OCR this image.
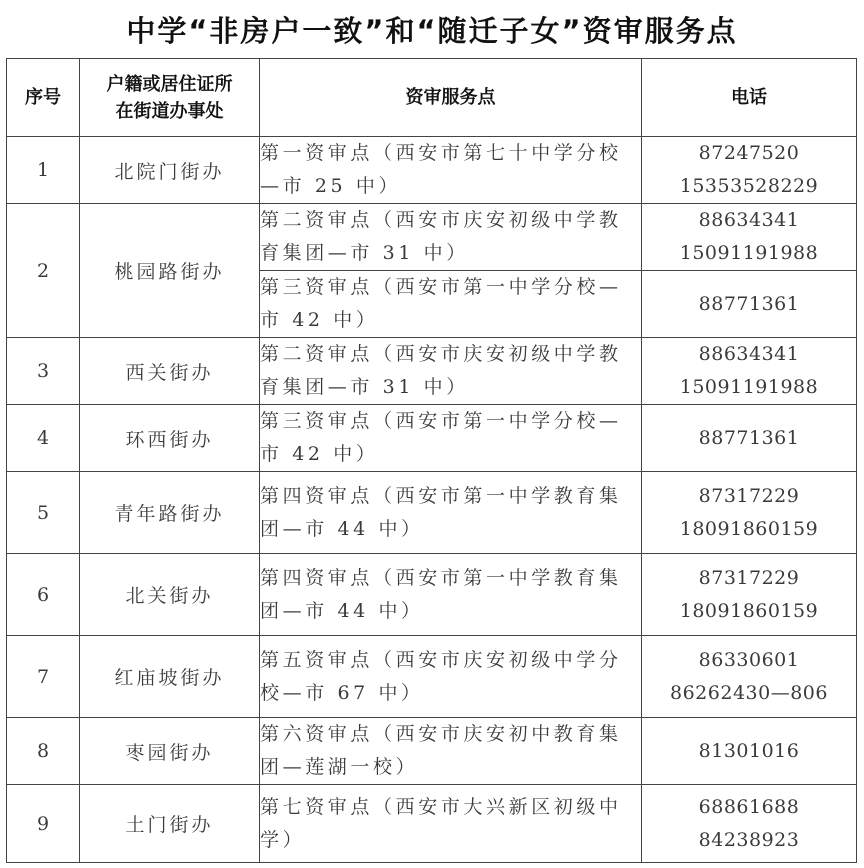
中学“非房户一致”和“随迁子女”资审服务点
序号	户籍或居住证所
在街道办事处	资审服务点	电话
1	北院门街办	第一资审点（西安市第七十中学分校—市 25 中）	87247520
15353528229

2	桃园路街办	第二资审点（西安市庆安初级中学教育集团—市 31 中）	88634341
15091191988

		第三资审点（西安市第一中学分校—市 42 中）	88771361

3	西关街办	第二资审点（西安市庆安初级中学教育集团—市 31 中）	88634341
15091191988

4	环西街办	第三资审点（西安市第一中学分校—市 42 中）	88771361

5	青年路街办	第四资审点（西安市第一中学教育集团—市 44 中）	87317229
18091860159

6	北关街办	第四资审点（西安市第一中学教育集团—市 44 中）	87317229
18091860159

7	红庙坡街办	第五资审点（西安市庆安初级中学分校—市 67 中）	86330601
86262430—806

8	枣园街办	第六资审点（西安市庆安初中教育集团—莲湖一校）	81301016

9	土门街办	第七资审点（西安市大兴新区初级中学）	68861688
84238923
